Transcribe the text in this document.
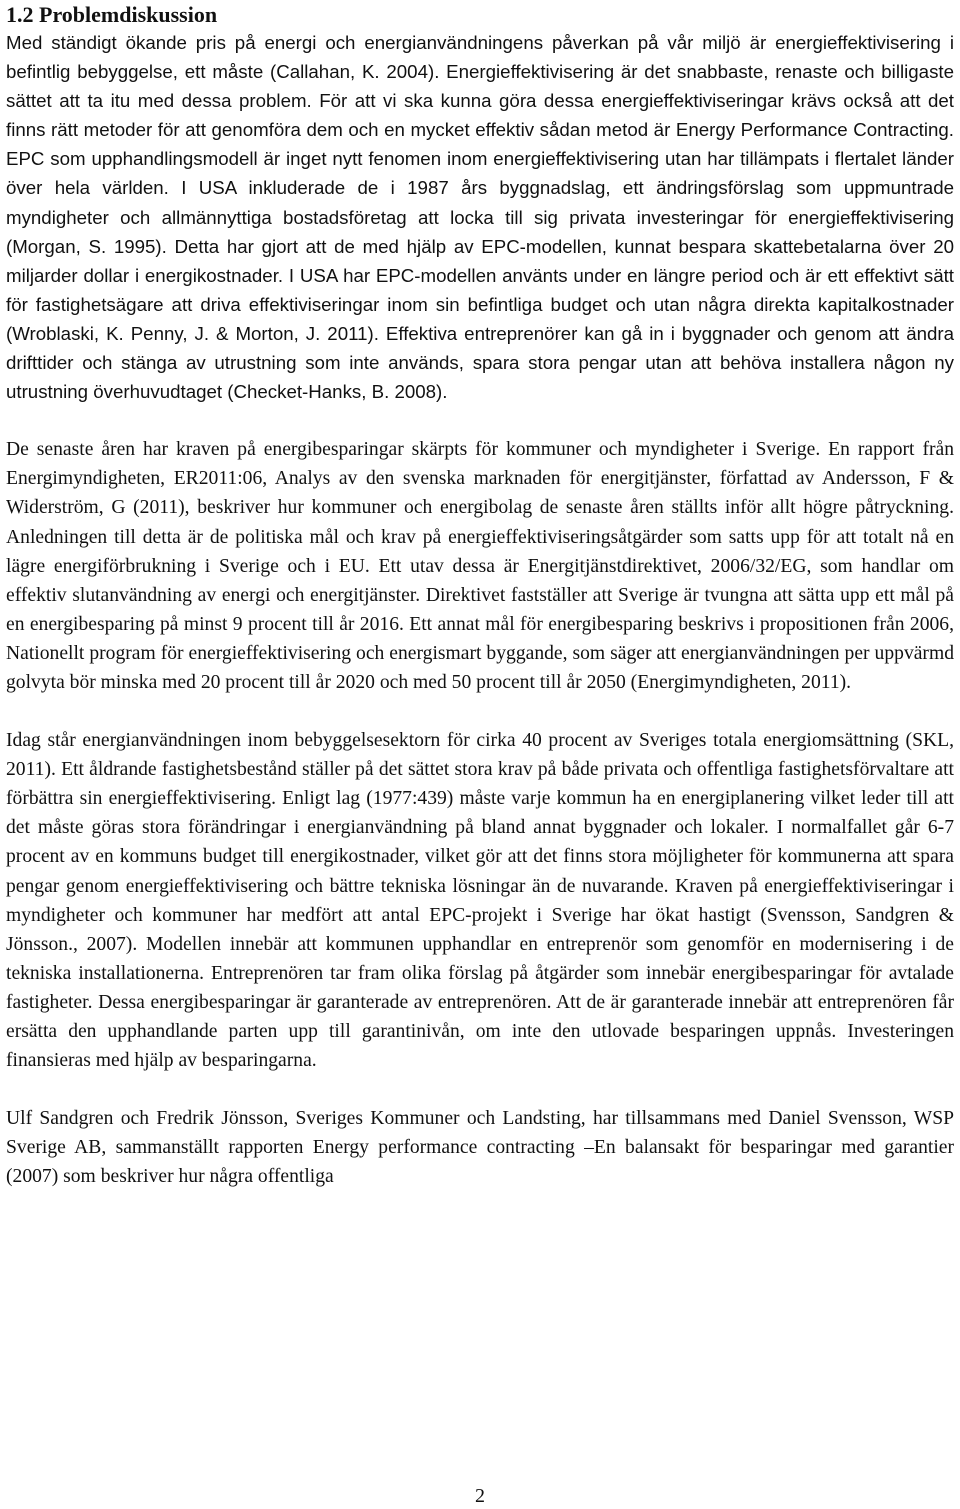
1.2 Problemdiskussion

Med ständigt ökande pris på energi och energianvändningens påverkan på vår miljö är energieffektivisering i befintlig bebyggelse, ett måste (Callahan, K. 2004). Energieffektivisering är det snabbaste, renaste och billigaste sättet att ta itu med dessa problem. För att vi ska kunna göra dessa energieffektiviseringar krävs också att det finns rätt metoder för att genomföra dem och en mycket effektiv sådan metod är Energy Performance Contracting. EPC som upphandlingsmodell är inget nytt fenomen inom energieffektivisering utan har tillämpats i flertalet länder över hela världen. I USA inkluderade de i 1987 års byggnadslag, ett ändringsförslag som uppmuntrade myndigheter och allmännyttiga bostadsföretag att locka till sig privata investeringar för energieffektivisering (Morgan, S. 1995). Detta har gjort att de med hjälp av EPC-modellen, kunnat bespara skattebetalarna över 20 miljarder dollar i energikostnader. I USA har EPC-modellen använts under en längre period och är ett effektivt sätt för fastighetsägare att driva effektiviseringar inom sin befintliga budget och utan några direkta kapitalkostnader (Wroblaski, K. Penny, J. & Morton, J. 2011). Effektiva entreprenörer kan gå in i byggnader och genom att ändra drifttider och stänga av utrustning som inte används, spara stora pengar utan att behöva installera någon ny utrustning överhuvudtaget (Checket-Hanks, B. 2008).

De senaste åren har kraven på energibesparingar skärpts för kommuner och myndigheter i Sverige. En rapport från Energimyndigheten, ER2011:06, Analys av den svenska marknaden för energitjänster, författad av Andersson, F & Widerström, G (2011), beskriver hur kommuner och energibolag de senaste åren ställts inför allt högre påtryckning. Anledningen till detta är de politiska mål och krav på energieffektiviseringsåtgärder som satts upp för att totalt nå en lägre energiförbrukning i Sverige och i EU. Ett utav dessa är Energitjänstdirektivet, 2006/32/EG, som handlar om effektiv slutanvändning av energi och energitjänster. Direktivet fastställer att Sverige är tvungna att sätta upp ett mål på en energibesparing på minst 9 procent till år 2016. Ett annat mål för energibesparing beskrivs i propositionen från 2006, Nationellt program för energieffektivisering och energismart byggande, som säger att energianvändningen per uppvärmd golvyta bör minska med 20 procent till år 2020 och med 50 procent till år 2050 (Energimyndigheten, 2011).

Idag står energianvändningen inom bebyggelsesektorn för cirka 40 procent av Sveriges totala energiomsättning (SKL, 2011). Ett åldrande fastighetsbestånd ställer på det sättet stora krav på både privata och offentliga fastighetsförvaltare att förbättra sin energieffektivisering. Enligt lag (1977:439) måste varje kommun ha en energiplanering vilket leder till att det måste göras stora förändringar i energianvändning på bland annat byggnader och lokaler. I normalfallet går 6-7 procent av en kommuns budget till energikostnader, vilket gör att det finns stora möjligheter för kommunerna att spara pengar genom energieffektivisering och bättre tekniska lösningar än de nuvarande. Kraven på energieffektiviseringar i myndigheter och kommuner har medfört att antal EPC-projekt i Sverige har ökat hastigt (Svensson, Sandgren & Jönsson., 2007). Modellen innebär att kommunen upphandlar en entreprenör som genomför en modernisering i de tekniska installationerna. Entreprenören tar fram olika förslag på åtgärder som innebär energibesparingar för avtalade fastigheter. Dessa energibesparingar är garanterade av entreprenören. Att de är garanterade innebär att entreprenören får ersätta den upphandlande parten upp till garantinivån, om inte den utlovade besparingen uppnås. Investeringen finansieras med hjälp av besparingarna.

Ulf Sandgren och Fredrik Jönsson, Sveriges Kommuner och Landsting, har tillsammans med Daniel Svensson, WSP Sverige AB, sammanställt rapporten Energy performance contracting –En balansakt för besparingar med garantier (2007) som beskriver hur några offentliga

2
